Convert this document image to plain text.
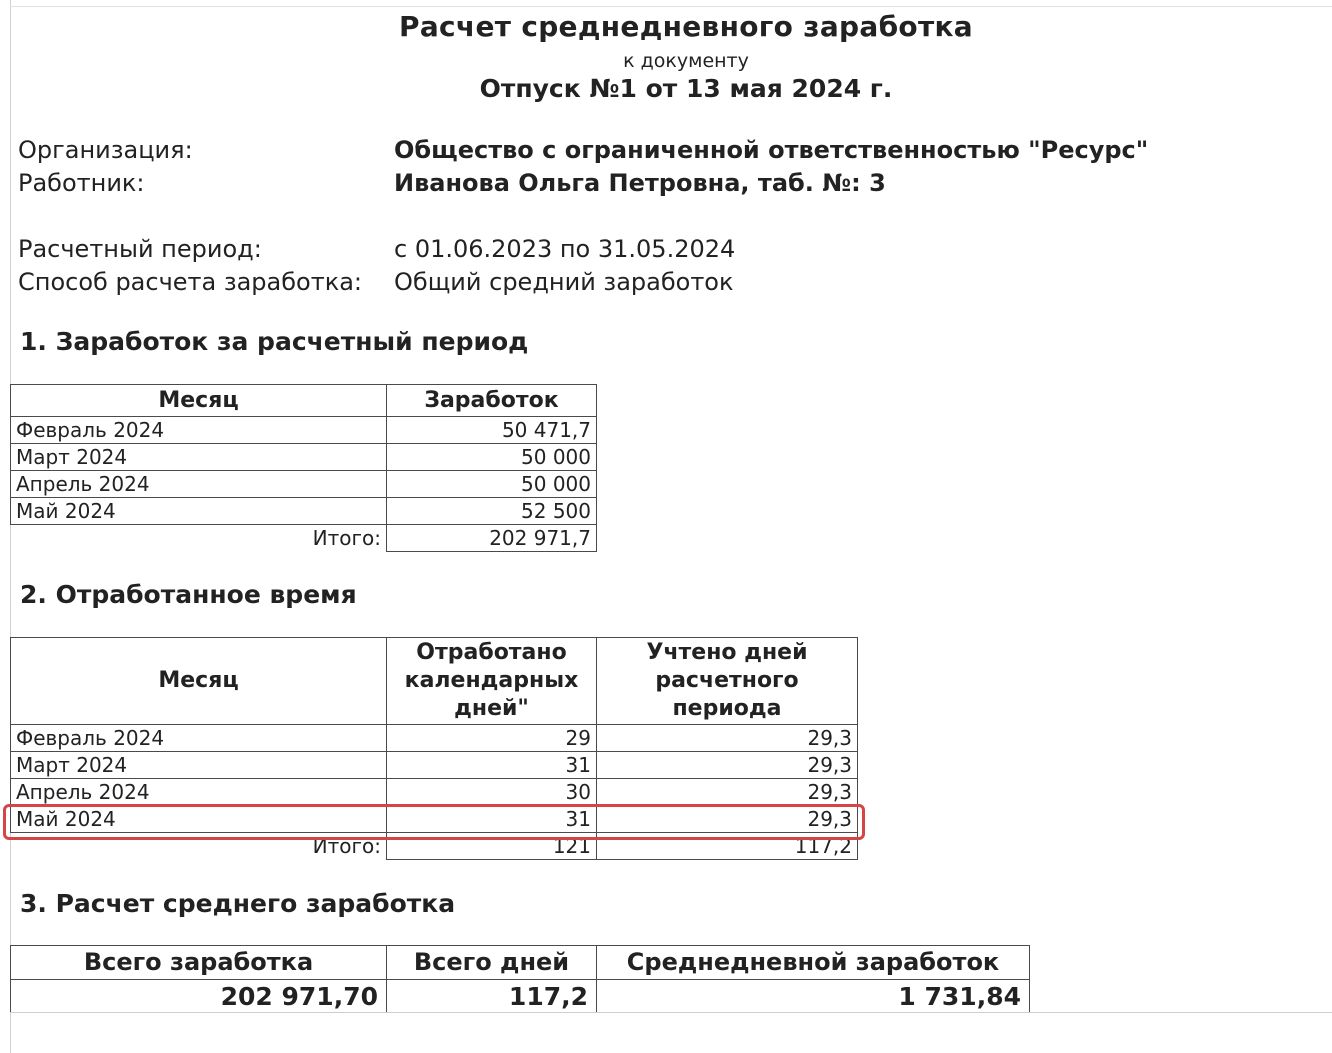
Расчет среднедневного заработка
к документу
Отпуск №1 от 13 мая 2024 г.
Организация:	Общество с ограниченной ответственностью "Ресурс"
Работник:	Иванова Ольга Петровна, таб. №: 3
Расчетный период:	с 01.06.2023 по 31.05.2024
Способ расчета заработка: Общий средний заработок
1. Заработок за расчетный период
Месяц	Заработок
Февраль 2024	50 471,7
Март 2024	50 000
Апрель 2024	50 000
Май 2024	52 500
Итого:	202 971,7
2. Отработанное время
Месяц	Отработано календарных дней"	Учтено дней расчетного периода
Февраль 2024	29	29,3
Март 2024	31	29,3
Апрель 2024	30	29,3
Май 2024	31	29,3
Итого:	121	117,2
3. Расчет среднего заработка
Всего заработка	Всего дней	Среднедневной заработок
202 971,70	117,2	1 731,84
